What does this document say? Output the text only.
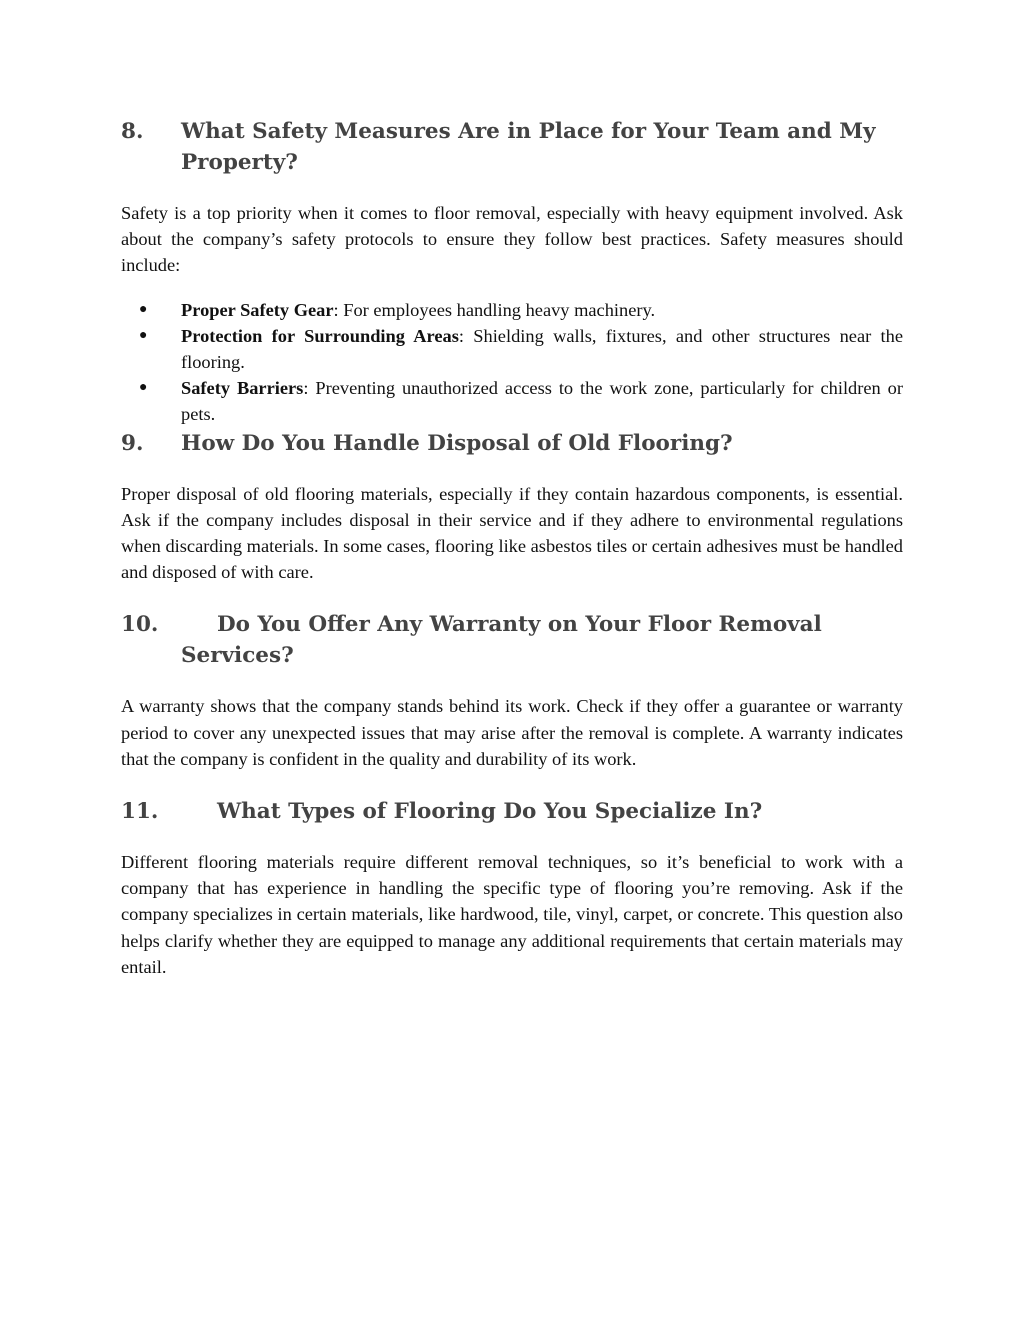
8. What Safety Measures Are in Place for Your Team and My Property?

Safety is a top priority when it comes to floor removal, especially with heavy equipment involved. Ask about the company’s safety protocols to ensure they follow best practices. Safety measures should include:

● Proper Safety Gear: For employees handling heavy machinery.
● Protection for Surrounding Areas: Shielding walls, fixtures, and other structures near the flooring.
● Safety Barriers: Preventing unauthorized access to the work zone, particularly for children or pets.
9. How Do You Handle Disposal of Old Flooring?

Proper disposal of old flooring materials, especially if they contain hazardous components, is essential. Ask if the company includes disposal in their service and if they adhere to environmental regulations when discarding materials. In some cases, flooring like asbestos tiles or certain adhesives must be handled and disposed of with care.

10.	Do You Offer Any Warranty on Your Floor Removal Services?

A warranty shows that the company stands behind its work. Check if they offer a guarantee or warranty period to cover any unexpected issues that may arise after the removal is complete. A warranty indicates that the company is confident in the quality and durability of its work.

11.	What Types of Flooring Do You Specialize In?

Different flooring materials require different removal techniques, so it’s beneficial to work with a company that has experience in handling the specific type of flooring you’re removing. Ask if the company specializes in certain materials, like hardwood, tile, vinyl, carpet, or concrete. This question also helps clarify whether they are equipped to manage any additional requirements that certain materials may entail.
